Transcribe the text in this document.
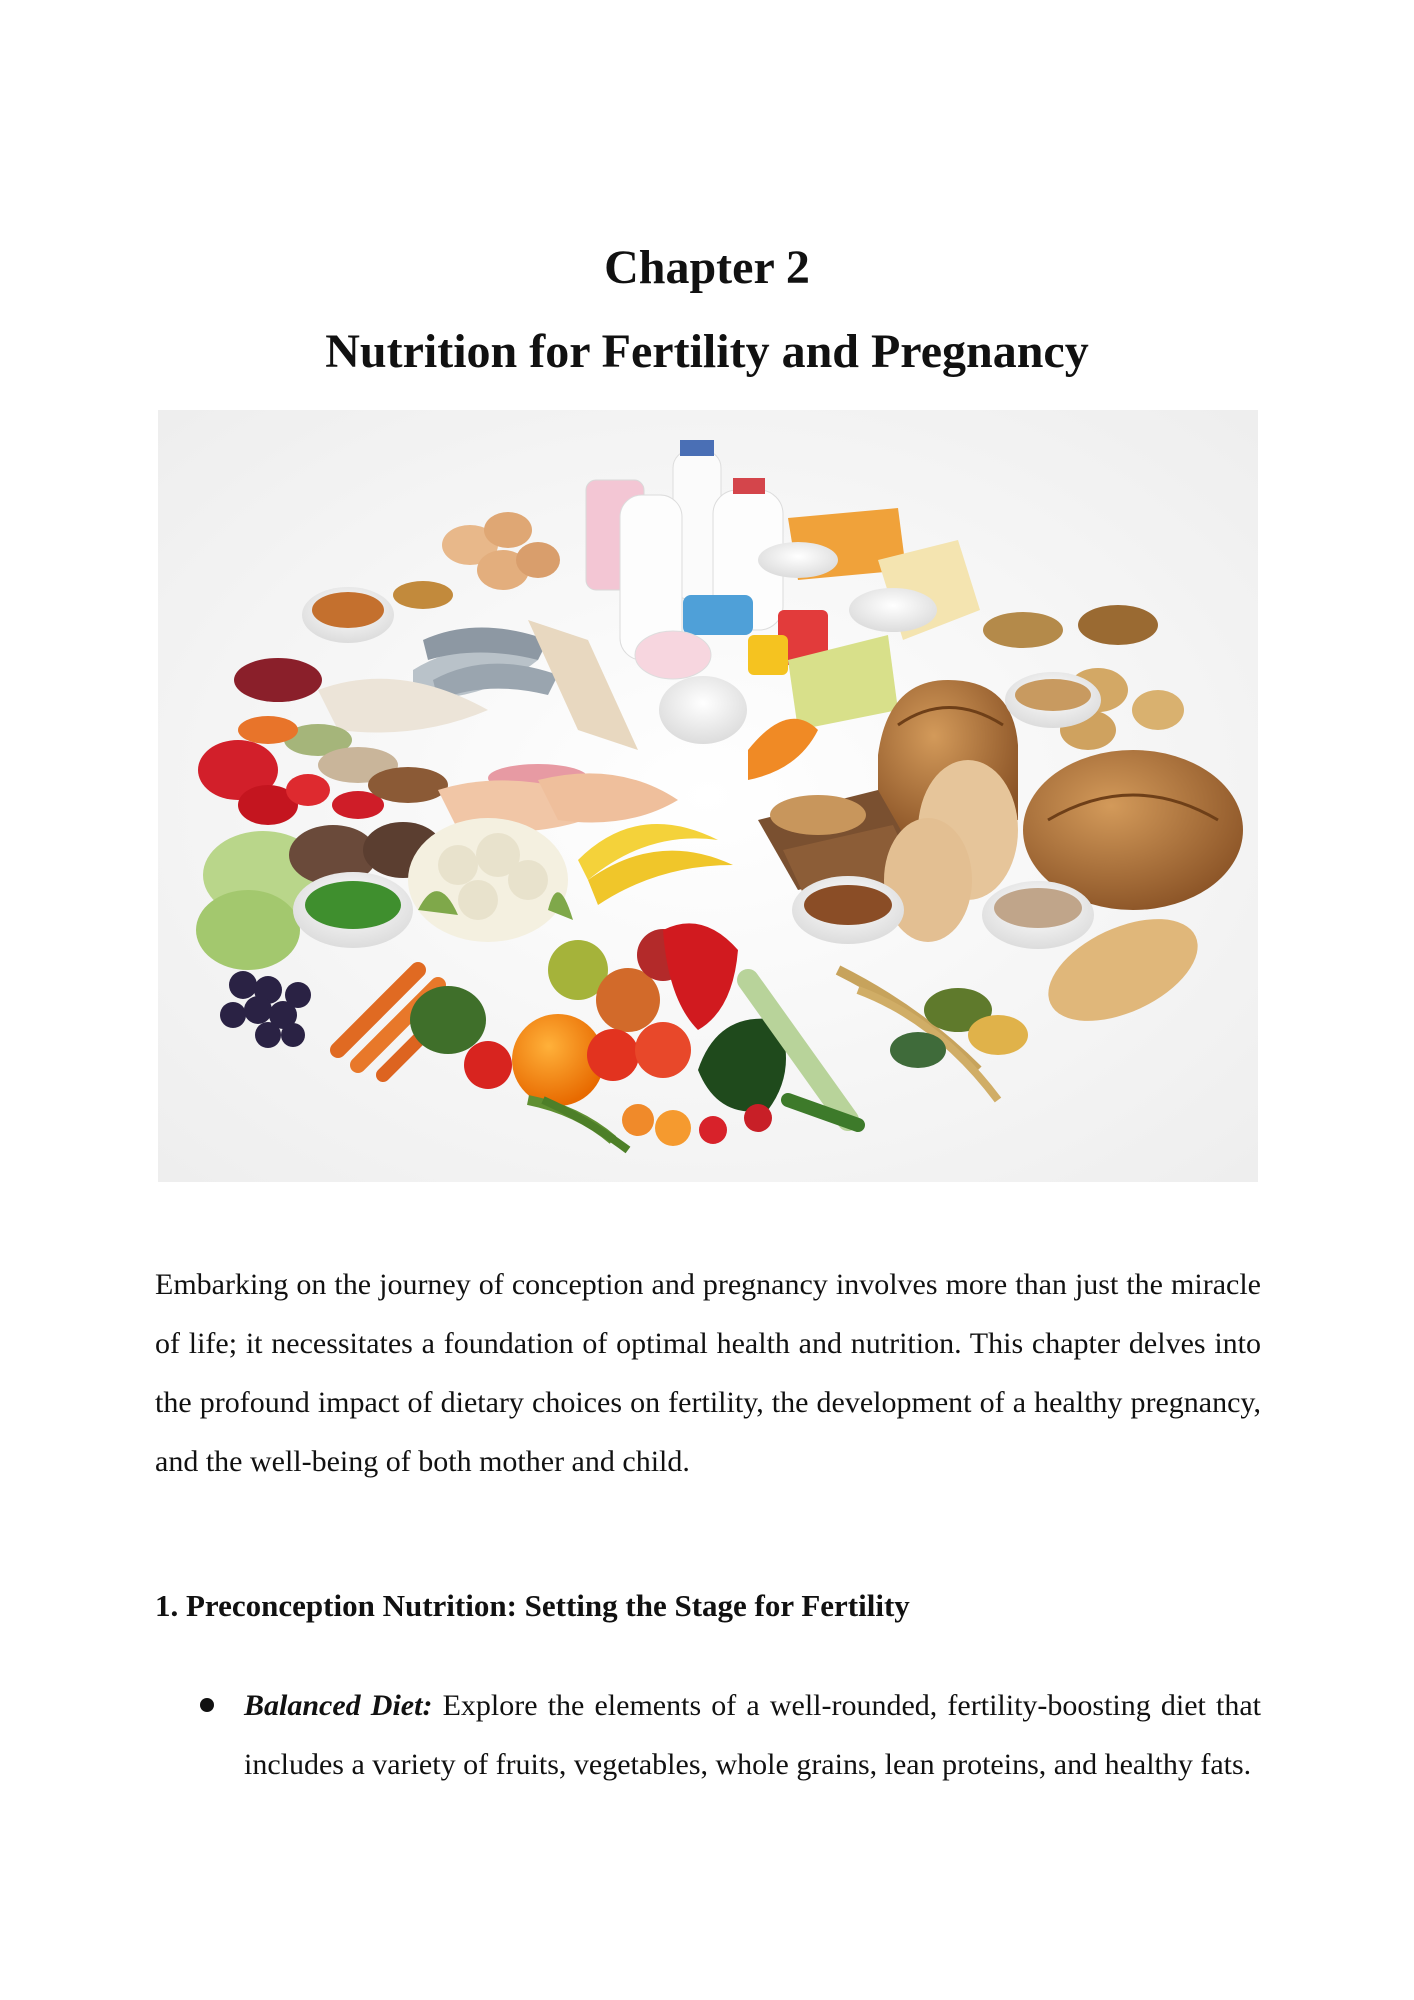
Chapter 2
Nutrition for Fertility and Pregnancy

Embarking on the journey of conception and pregnancy involves more than just the miracle of life; it necessitates a foundation of optimal health and nutrition. This chapter delves into the profound impact of dietary choices on fertility, the development of a healthy pregnancy, and the well-being of both mother and child.

1. Preconception Nutrition: Setting the Stage for Fertility
Balanced Diet: Explore the elements of a well-rounded, fertility-boosting diet that includes a variety of fruits, vegetables, whole grains, lean proteins, and healthy fats.
